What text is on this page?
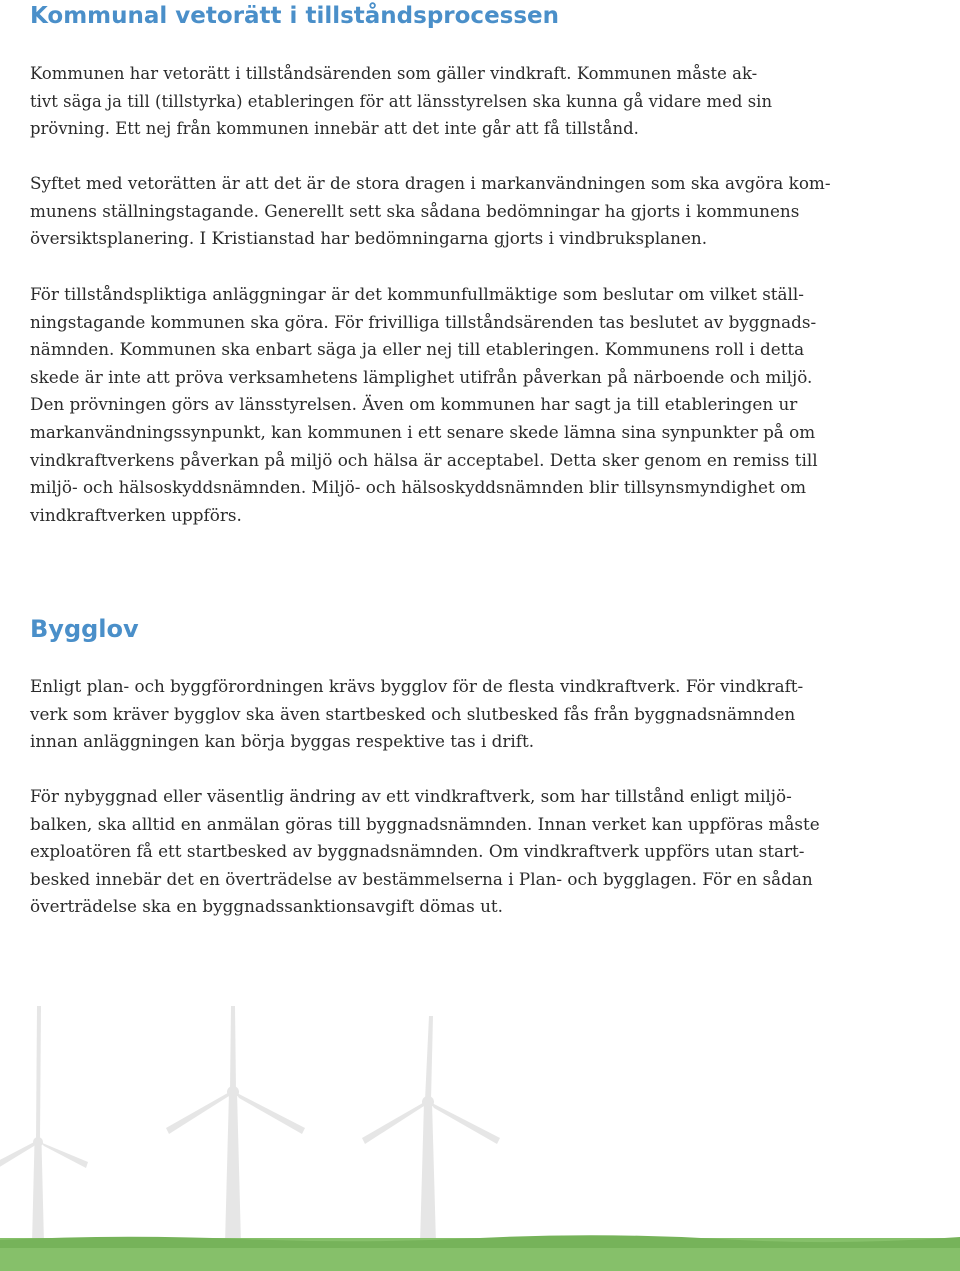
Kommunal vetorätt i tillståndsprocessen

Kommunen har vetorätt i tillståndsärenden som gäller vindkraft. Kommunen måste ak-
tivt säga ja till (tillstyrka) etableringen för att länsstyrelsen ska kunna gå vidare med sin
prövning. Ett nej från kommunen innebär att det inte går att få tillstånd.

Syftet med vetorätten är att det är de stora dragen i markanvändningen som ska avgöra kom-
munens ställningstagande. Generellt sett ska sådana bedömningar ha gjorts i kommunens
översiktsplanering. I Kristianstad har bedömningarna gjorts i vindbruksplanen.

För tillståndspliktiga anläggningar är det kommunfullmäktige som beslutar om vilket ställ-
ningstagande kommunen ska göra. För frivilliga tillståndsärenden tas beslutet av byggnads-
nämnden. Kommunen ska enbart säga ja eller nej till etableringen. Kommunens roll i detta
skede är inte att pröva verksamhetens lämplighet utifrån påverkan på närboende och miljö.
Den prövningen görs av länsstyrelsen. Även om kommunen har sagt ja till etableringen ur
markanvändningssynpunkt, kan kommunen i ett senare skede lämna sina synpunkter på om
vindkraftverkens påverkan på miljö och hälsa är acceptabel. Detta sker genom en remiss till
miljö- och hälsoskyddsnämnden. Miljö- och hälsoskyddsnämnden blir tillsynsmyndighet om
vindkraftverken uppförs.

Bygglov

Enligt plan- och byggförordningen krävs bygglov för de flesta vindkraftverk. För vindkraft-
verk som kräver bygglov ska även startbesked och slutbesked fås från byggnadsnämnden
innan anläggningen kan börja byggas respektive tas i drift.

För nybyggnad eller väsentlig ändring av ett vindkraftverk, som har tillstånd enligt miljö-
balken, ska alltid en anmälan göras till byggnadsnämnden. Innan verket kan uppföras måste
exploatören få ett startbesked av byggnadsnämnden. Om vindkraftverk uppförs utan start-
besked innebär det en överträdelse av bestämmelserna i Plan- och bygglagen. För en sådan
överträdelse ska en byggnadssanktionsavgift dömas ut.
